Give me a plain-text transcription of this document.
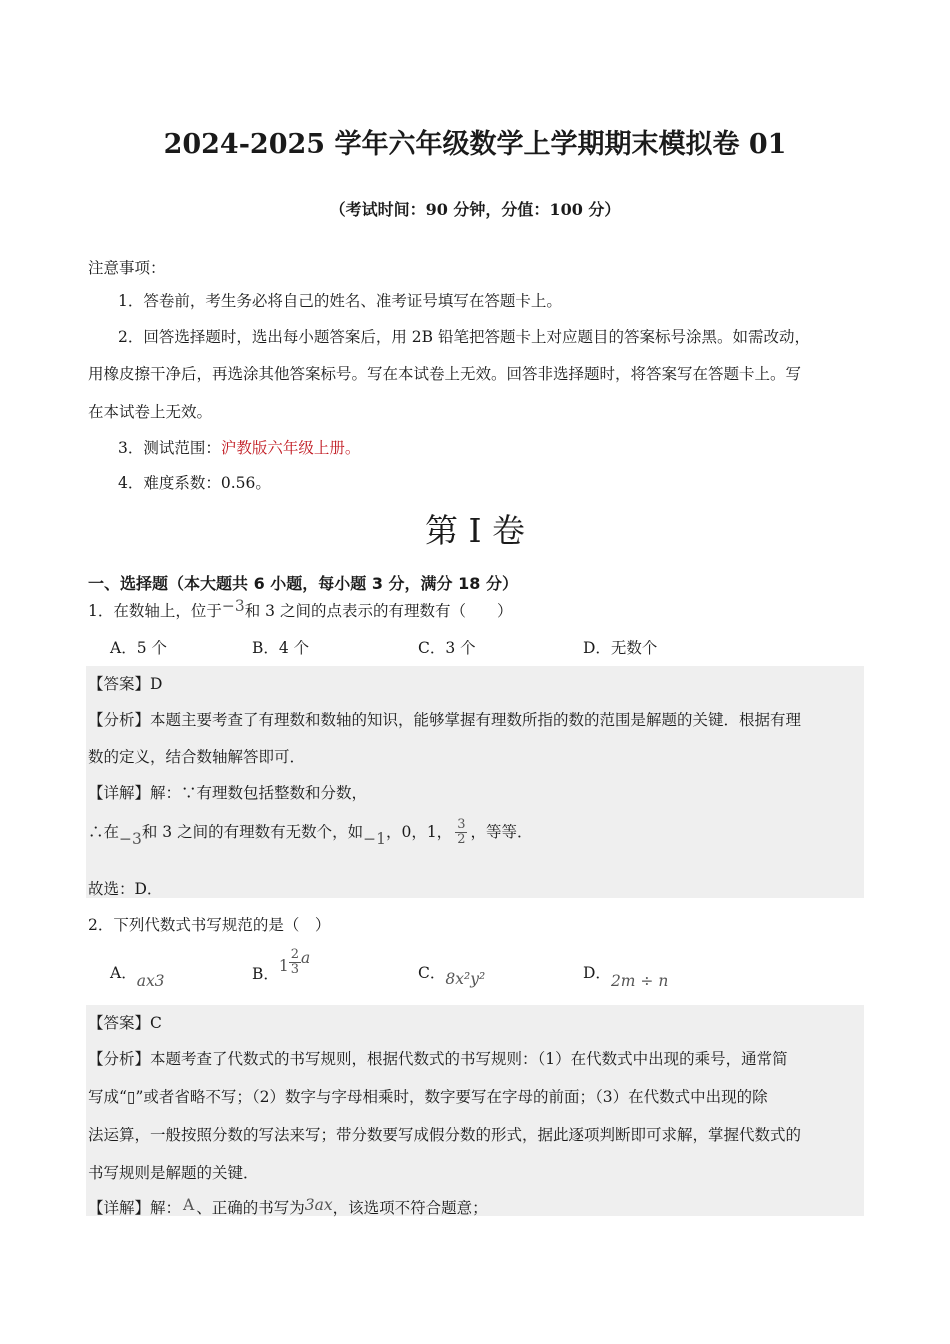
2024-2025 学年六年级数学上学期期末模拟卷 01
（考试时间：90 分钟，分值：100 分）
注意事项：
1．答卷前，考生务必将自己的姓名、准考证号填写在答题卡上。
2．回答选择题时，选出每小题答案后，用 2B 铅笔把答题卡上对应题目的答案标号涂黑。如需改动，
用橡皮擦干净后，再选涂其他答案标号。写在本试卷上无效。回答非选择题时，将答案写在答题卡上。写
在本试卷上无效。
3．测试范围：沪教版六年级上册。
4．难度系数：0.56。
第 I 卷
一、选择题（本大题共 6 小题，每小题 3 分，满分 18 分）
1．在数轴上，位于−3和 3 之间的点表示的有理数有（　　）
A．5 个	B．4 个	C．3 个	D．无数个
【答案】D
【分析】本题主要考查了有理数和数轴的知识，能够掌握有理数所指的数的范围是解题的关键．根据有理
数的定义，结合数轴解答即可．
【详解】解：∵有理数包括整数和分数，
∴在−3和 3 之间的有理数有无数个，如−1，0，1， $\frac{3}{2}$ ，等等．
故选：D．
2．下列代数式书写规范的是（　）
A．ax3	B．$1 \frac{2}{3}$ a
C．8x²y²	D．2m ÷ n
【答案】C
【分析】本题考查了代数式的书写规则，根据代数式的书写规则：（1）在代数式中出现的乘号，通常简
写成“▯”或者省略不写；（2）数字与字母相乘时，数字要写在字母的前面；（3）在代数式中出现的除
法运算，一般按照分数的写法来写；带分数要写成假分数的形式，据此逐项判断即可求解，掌握代数式的
书写规则是解题的关键．
【详解】解： A 、正确的书写为3ax，该选项不符合题意；
